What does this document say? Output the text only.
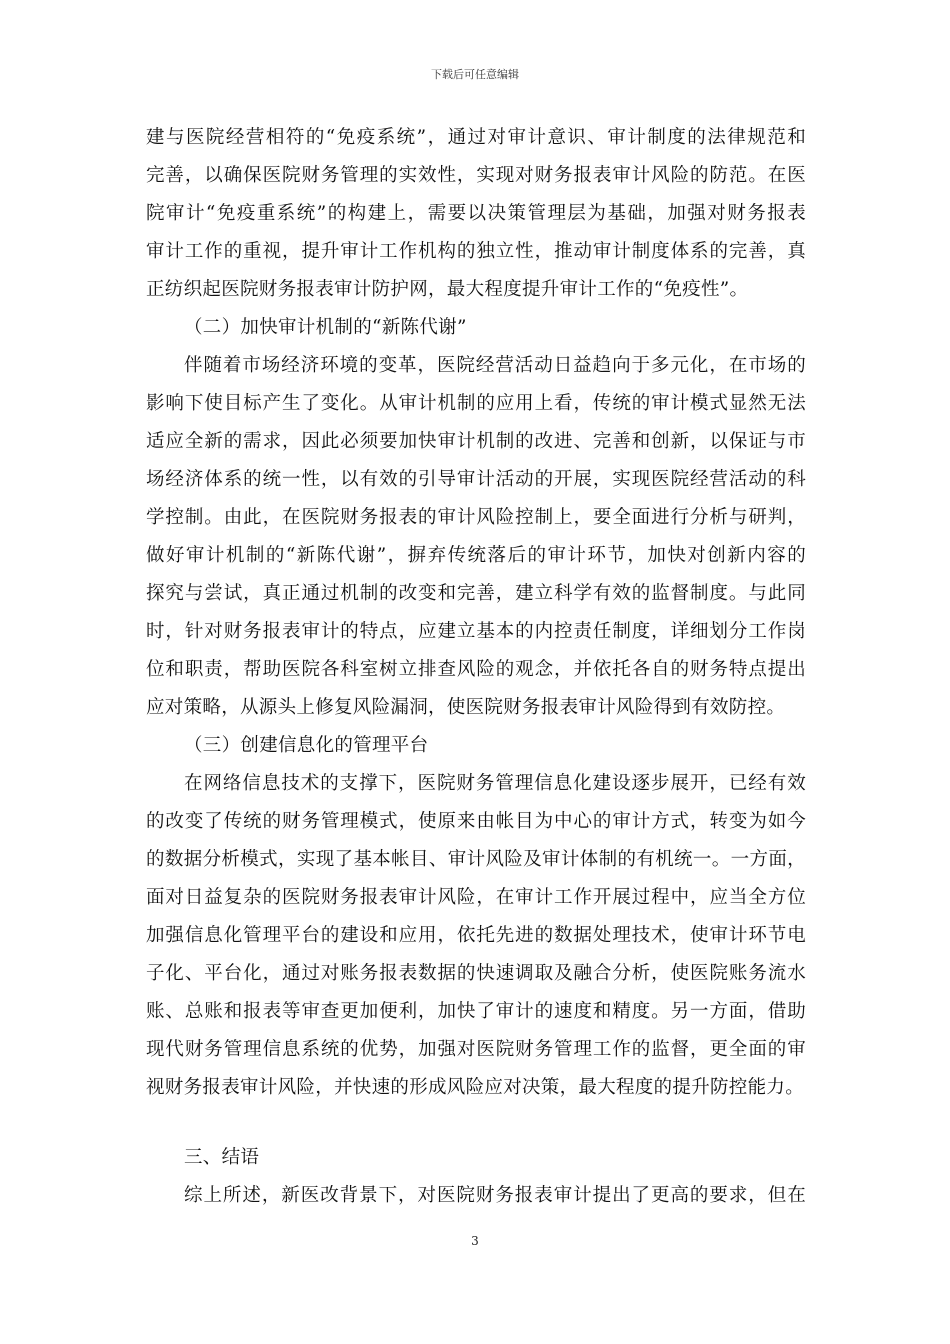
下载后可任意编辑
建与医院经营相符的“免疫系统”，通过对审计意识、审计制度的法律规范和
完善，以确保医院财务管理的实效性，实现对财务报表审计风险的防范。在医
院审计“免疫重系统”的构建上，需要以决策管理层为基础，加强对财务报表
审计工作的重视，提升审计工作机构的独立性，推动审计制度体系的完善，真
正纺织起医院财务报表审计防护网，最大程度提升审计工作的“免疫性”。
（二）加快审计机制的“新陈代谢”
伴随着市场经济环境的变革，医院经营活动日益趋向于多元化，在市场的
影响下使目标产生了变化。从审计机制的应用上看，传统的审计模式显然无法
适应全新的需求，因此必须要加快审计机制的改进、完善和创新，以保证与市
场经济体系的统一性，以有效的引导审计活动的开展，实现医院经营活动的科
学控制。由此，在医院财务报表的审计风险控制上，要全面进行分析与研判，
做好审计机制的“新陈代谢”，摒弃传统落后的审计环节，加快对创新内容的
探究与尝试，真正通过机制的改变和完善，建立科学有效的监督制度。与此同
时，针对财务报表审计的特点，应建立基本的内控责任制度，详细划分工作岗
位和职责，帮助医院各科室树立排查风险的观念，并依托各自的财务特点提出
应对策略，从源头上修复风险漏洞，使医院财务报表审计风险得到有效防控。
（三）创建信息化的管理平台
在网络信息技术的支撑下，医院财务管理信息化建设逐步展开，已经有效
的改变了传统的财务管理模式，使原来由帐目为中心的审计方式，转变为如今
的数据分析模式，实现了基本帐目、审计风险及审计体制的有机统一。一方面，
面对日益复杂的医院财务报表审计风险，在审计工作开展过程中，应当全方位
加强信息化管理平台的建设和应用，依托先进的数据处理技术，使审计环节电
子化、平台化，通过对账务报表数据的快速调取及融合分析，使医院账务流水
账、总账和报表等审查更加便利，加快了审计的速度和精度。另一方面，借助
现代财务管理信息系统的优势，加强对医院财务管理工作的监督，更全面的审
视财务报表审计风险，并快速的形成风险应对决策，最大程度的提升防控能力。
三、结语
综上所述，新医改背景下，对医院财务报表审计提出了更高的要求，但在
3
